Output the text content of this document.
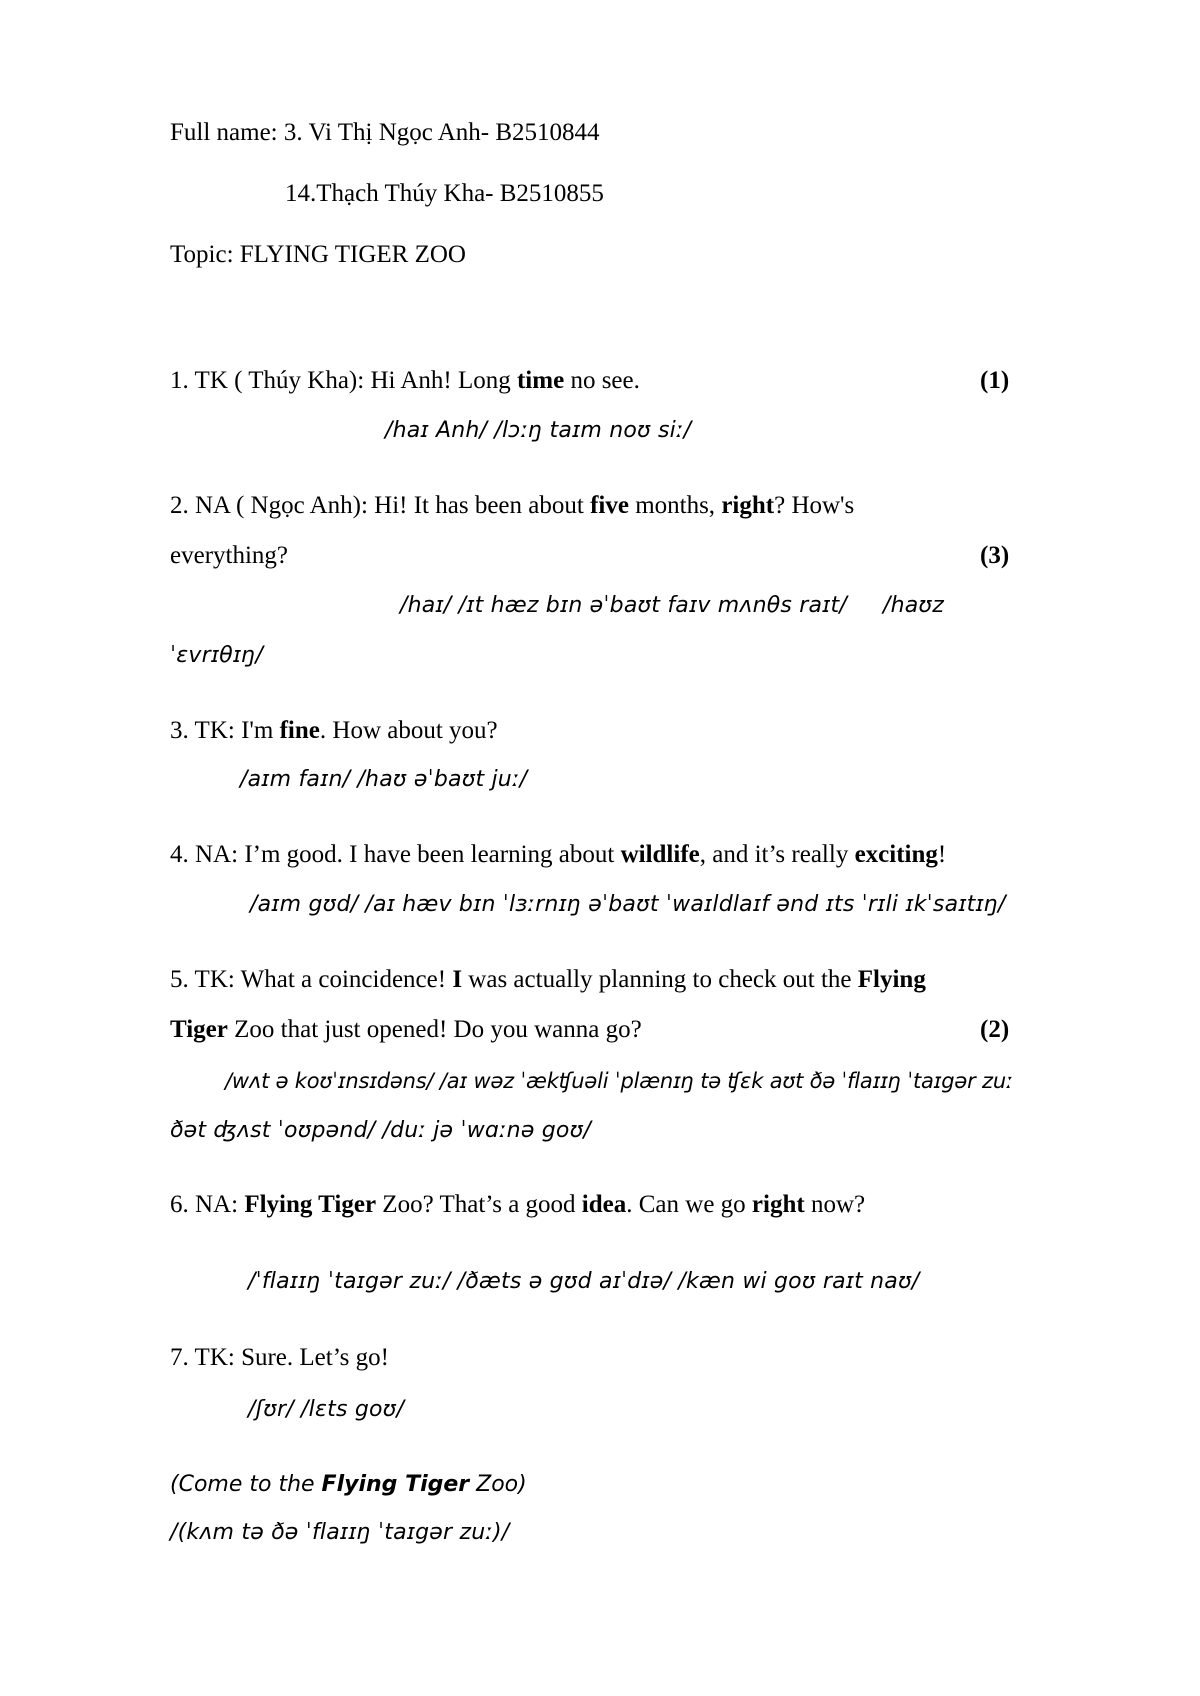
Full name: 3. Vi Thị Ngọc Anh- B2510844
14.Thạch Thúy Kha- B2510855
Topic: FLYING TIGER ZOO
1. TK ( Thúy Kha): Hi Anh! Long time no see.	(1)
/haɪ Anh/ /lɔːŋ taɪm noʊ siː/
2. NA ( Ngọc Anh): Hi! It has been about five months, right? How's
everything?	(3)
/haɪ/ /ɪt hæz bɪn əˈbaʊt faɪv mʌnθs raɪt/ /haʊz
ˈɛvrɪθɪŋ/
3. TK: I'm fine. How about you?
/aɪm faɪn/ /haʊ əˈbaʊt juː/
4. NA: I’m good. I have been learning about wildlife, and it’s really exciting!
/aɪm gʊd/ /aɪ hæv bɪn ˈlɜːrnɪŋ əˈbaʊt ˈwaɪldlaɪf ənd ɪts ˈrɪli ɪkˈsaɪtɪŋ/
5. TK: What a coincidence! I was actually planning to check out the Flying
Tiger Zoo that just opened! Do you wanna go?	(2)
/wʌt ə koʊˈɪnsɪdəns/ /aɪ wəz ˈækʧuəli ˈplænɪŋ tə ʧɛk aʊt ðə ˈflaɪɪŋ ˈtaɪgər zuː
ðət ʤʌst ˈoʊpənd/ /duː jə ˈwɑːnə goʊ/
6. NA: Flying Tiger Zoo? That’s a good idea. Can we go right now?
/ˈflaɪɪŋ ˈtaɪgər zuː/ /ðæts ə gʊd aɪˈdɪə/ /kæn wi goʊ raɪt naʊ/
7. TK: Sure. Let’s go!
/ʃʊr/ /lɛts goʊ/
(Come to the Flying Tiger Zoo)
/(kʌm tə ðə ˈflaɪɪŋ ˈtaɪgər zuː)/
